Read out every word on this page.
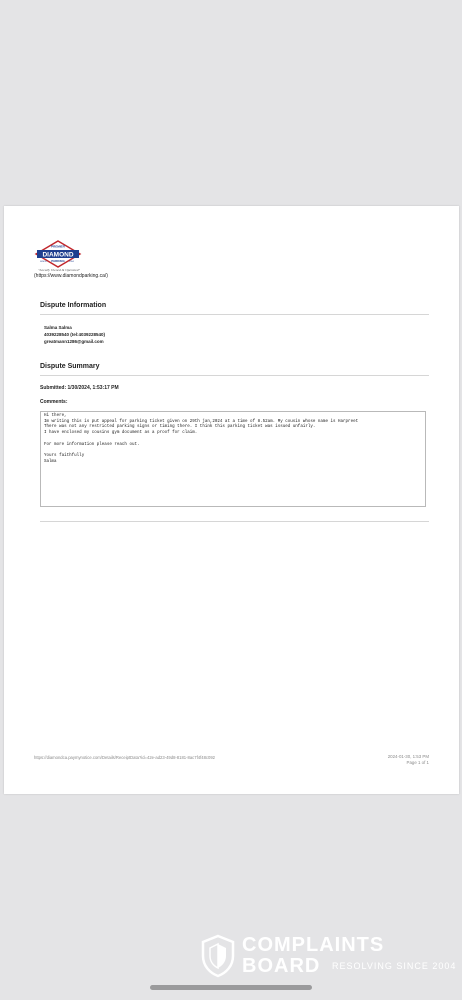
PREMIER
DIAMOND
PARKING
SINCE	1954
"Locally Owned & Operated"
(https://www.diamondparking.ca/)
Dispute Information
Salma Salma
4039228540 (tel:4039228540)
greatmann1286@gmail.com
Dispute Summary
Submitted: 1/30/2024, 1:53:17 PM
Comments:
Hi there,
Im writing this is put appeal for parking ticket given on 29th jan,2024 at a time of 8.52am. My cousin whose name is Harpreet
There was not any restricted parking signs or timing there. I think this parking ticket was issued unfairly.
I have enclosed my cousins gym document as a proof for claim.

For more information please reach out.

Yours faithfully
Salma
https://diamondca.paymynotice.com/Details/ReceiptData?id=42e-ad23-49d8-8181-8ac7f4f48c092	2024-01-30, 1:53 PM
Page 1 of 1
COMPLAINTS
BOARD	RESOLVING SINCE 2004
